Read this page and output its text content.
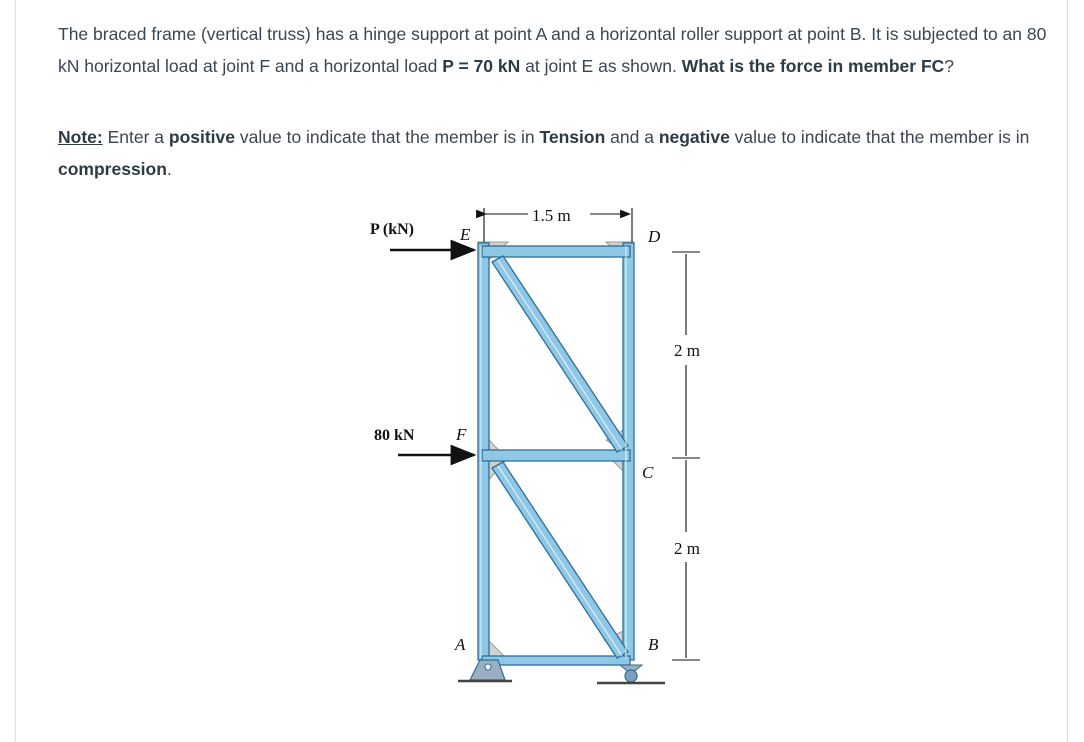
The braced frame (vertical truss) has a hinge support at point A and a horizontal roller support at point B. It is subjected to an 80 kN horizontal load at joint F and a horizontal load P = 70 kN at joint E as shown. What is the force in member FC?
Note: Enter a positive value to indicate that the member is in Tension and a negative value to indicate that the member is in compression.
P (kN)
80 kN
E	D
F
C
A	B
1.5 m
2 m
2 m
